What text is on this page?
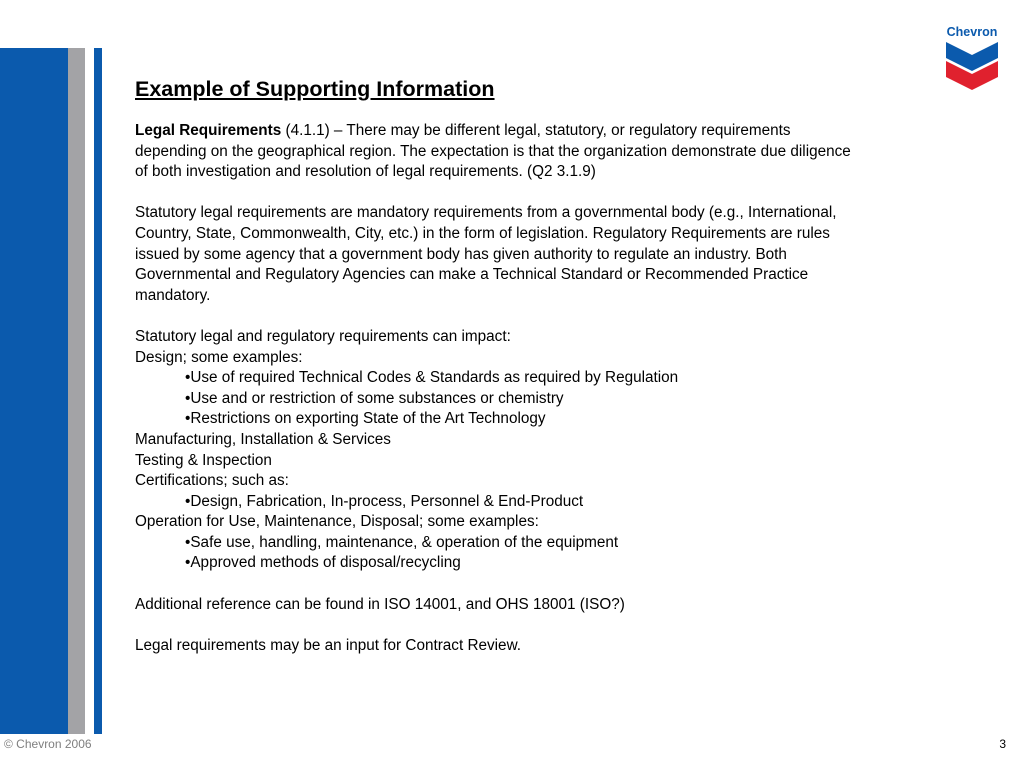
Chevron
Example of Supporting Information

Legal Requirements (4.1.1) – There may be different legal, statutory, or regulatory requirements
depending on the geographical region. The expectation is that the organization demonstrate due diligence
of both investigation and resolution of legal requirements. (Q2 3.1.9)

Statutory legal requirements are mandatory requirements from a governmental body (e.g., International,
Country, State, Commonwealth, City, etc.) in the form of legislation. Regulatory Requirements are rules
issued by some agency that a government body has given authority to regulate an industry. Both
Governmental and Regulatory Agencies can make a Technical Standard or Recommended Practice
mandatory.

Statutory legal and regulatory requirements can impact:
Design; some examples:
•Use of required Technical Codes & Standards as required by Regulation
•Use and or restriction of some substances or chemistry
•Restrictions on exporting State of the Art Technology
Manufacturing, Installation & Services
Testing & Inspection
Certifications; such as:
•Design, Fabrication, In-process, Personnel & End-Product
Operation for Use, Maintenance, Disposal; some examples:
•Safe use, handling, maintenance, & operation of the equipment
•Approved methods of disposal/recycling
Additional reference can be found in ISO 14001, and OHS 18001 (ISO?)
Legal requirements may be an input for Contract Review.
© Chevron 2006	3
